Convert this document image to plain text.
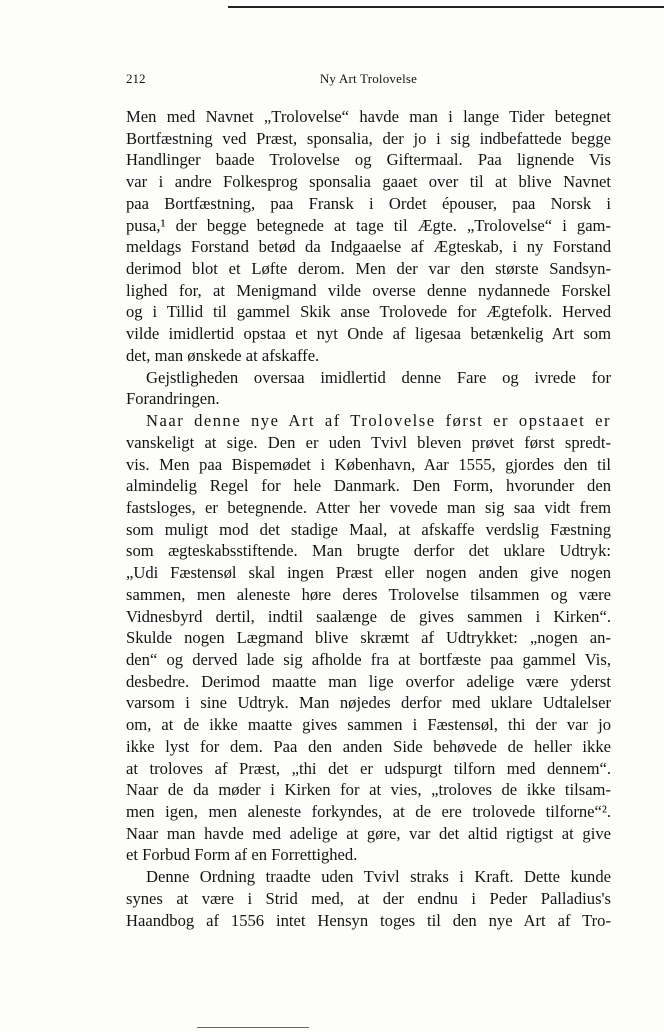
212	Ny Art Trolovelse
Men med Navnet „Trolovelse“ havde man i lange Tider betegnet
Bortfæstning ved Præst, sponsalia, der jo i sig indbefattede begge
Handlinger baade Trolovelse og Giftermaal. Paa lignende Vis
var i andre Folkesprog sponsalia gaaet over til at blive Navnet
paa Bortfæstning, paa Fransk i Ordet épouser, paa Norsk i
pusa,¹ der begge betegnede at tage til Ægte. „Trolovelse“ i gam-
meldags Forstand betød da Indgaaelse af Ægteskab, i ny Forstand
derimod blot et Løfte derom. Men der var den største Sandsyn-
lighed for, at Menigmand vilde overse denne nydannede Forskel
og i Tillid til gammel Skik anse Trolovede for Ægtefolk. Herved
vilde imidlertid opstaa et nyt Onde af ligesaa betænkelig Art som
det, man ønskede at afskaffe.
Gejstligheden oversaa imidlertid denne Fare og ivrede for
Forandringen.
Naar denne nye Art af Trolovelse først er opstaaet er
vanskeligt at sige. Den er uden Tvivl bleven prøvet først spredt-
vis. Men paa Bispemødet i København, Aar 1555, gjordes den til
almindelig Regel for hele Danmark. Den Form, hvorunder den
fastsloges, er betegnende. Atter her vovede man sig saa vidt frem
som muligt mod det stadige Maal, at afskaffe verdslig Fæstning
som ægteskabsstiftende. Man brugte derfor det uklare Udtryk:
„Udi Fæstensøl skal ingen Præst eller nogen anden give nogen
sammen, men aleneste høre deres Trolovelse tilsammen og være
Vidnesbyrd dertil, indtil saalænge de gives sammen i Kirken“.
Skulde nogen Lægmand blive skræmt af Udtrykket: „nogen an-
den“ og derved lade sig afholde fra at bortfæste paa gammel Vis,
desbedre. Derimod maatte man lige overfor adelige være yderst
varsom i sine Udtryk. Man nøjedes derfor med uklare Udtalelser
om, at de ikke maatte gives sammen i Fæstensøl, thi der var jo
ikke lyst for dem. Paa den anden Side behøvede de heller ikke
at troloves af Præst, „thi det er udspurgt tilforn med dennem“.
Naar de da møder i Kirken for at vies, „troloves de ikke tilsam-
men igen, men aleneste forkyndes, at de ere trolovede tilforne“².
Naar man havde med adelige at gøre, var det altid rigtigst at give
et Forbud Form af en Forrettighed.
Denne Ordning traadte uden Tvivl straks i Kraft. Dette kunde
synes at være i Strid med, at der endnu i Peder Palladius's
Haandbog af 1556 intet Hensyn toges til den nye Art af Tro-
